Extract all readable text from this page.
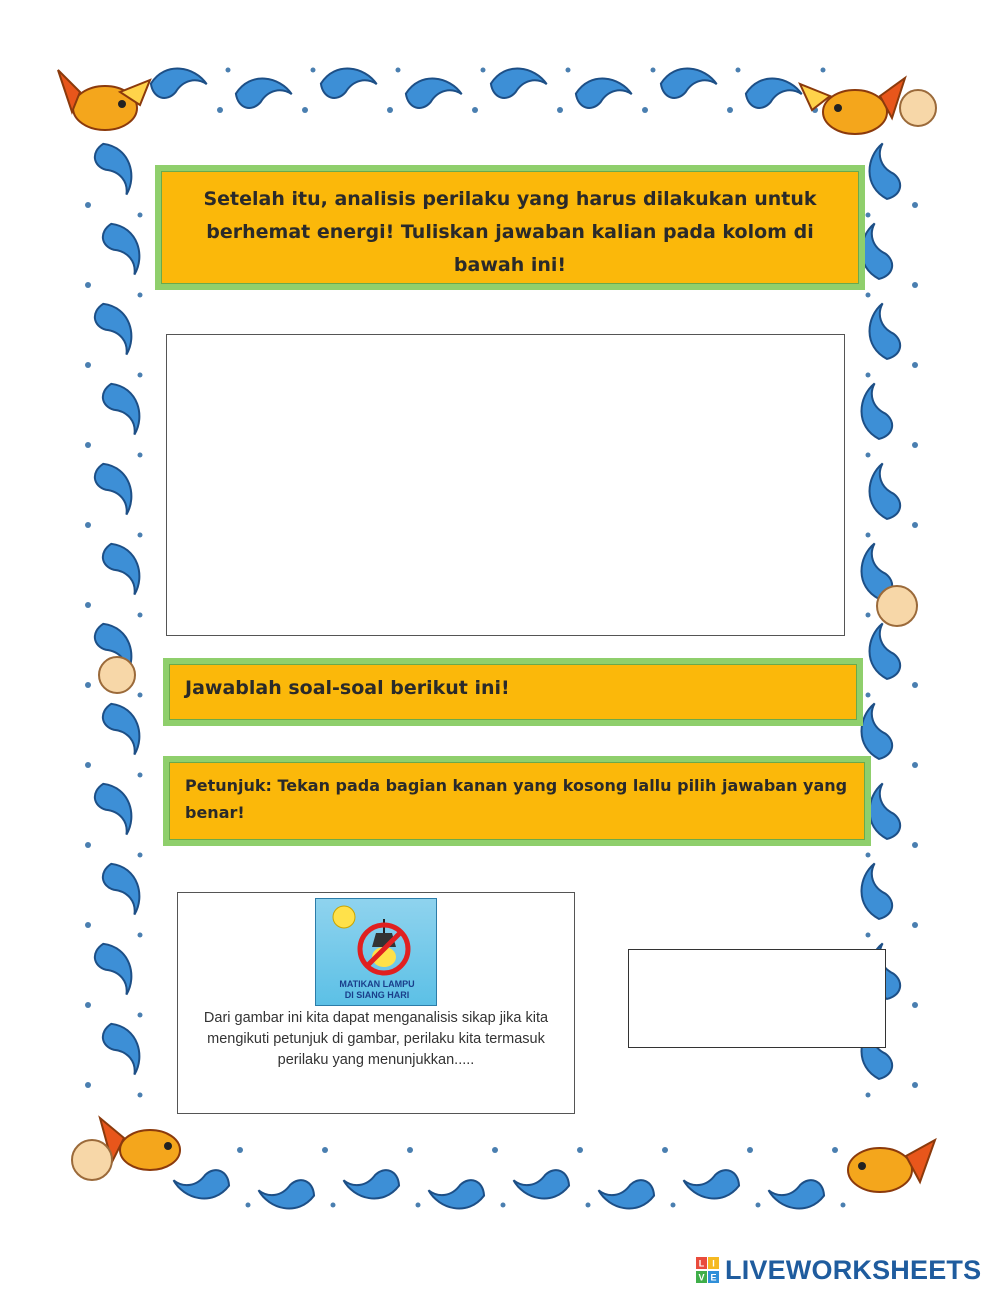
Setelah itu, analisis perilaku yang harus dilakukan untuk berhemat energi! Tuliskan jawaban kalian pada kolom di bawah ini!
Jawablah soal-soal berikut ini!
Petunjuk: Tekan pada bagian kanan yang kosong lallu pilih jawaban yang benar!
MATIKAN LAMPU
DI SIANG HARI
Dari gambar ini kita dapat menganalisis sikap jika kita mengikuti petunjuk di gambar, perilaku kita termasuk perilaku yang menunjukkan.....
L I
V E LIVEWORKSHEETS
